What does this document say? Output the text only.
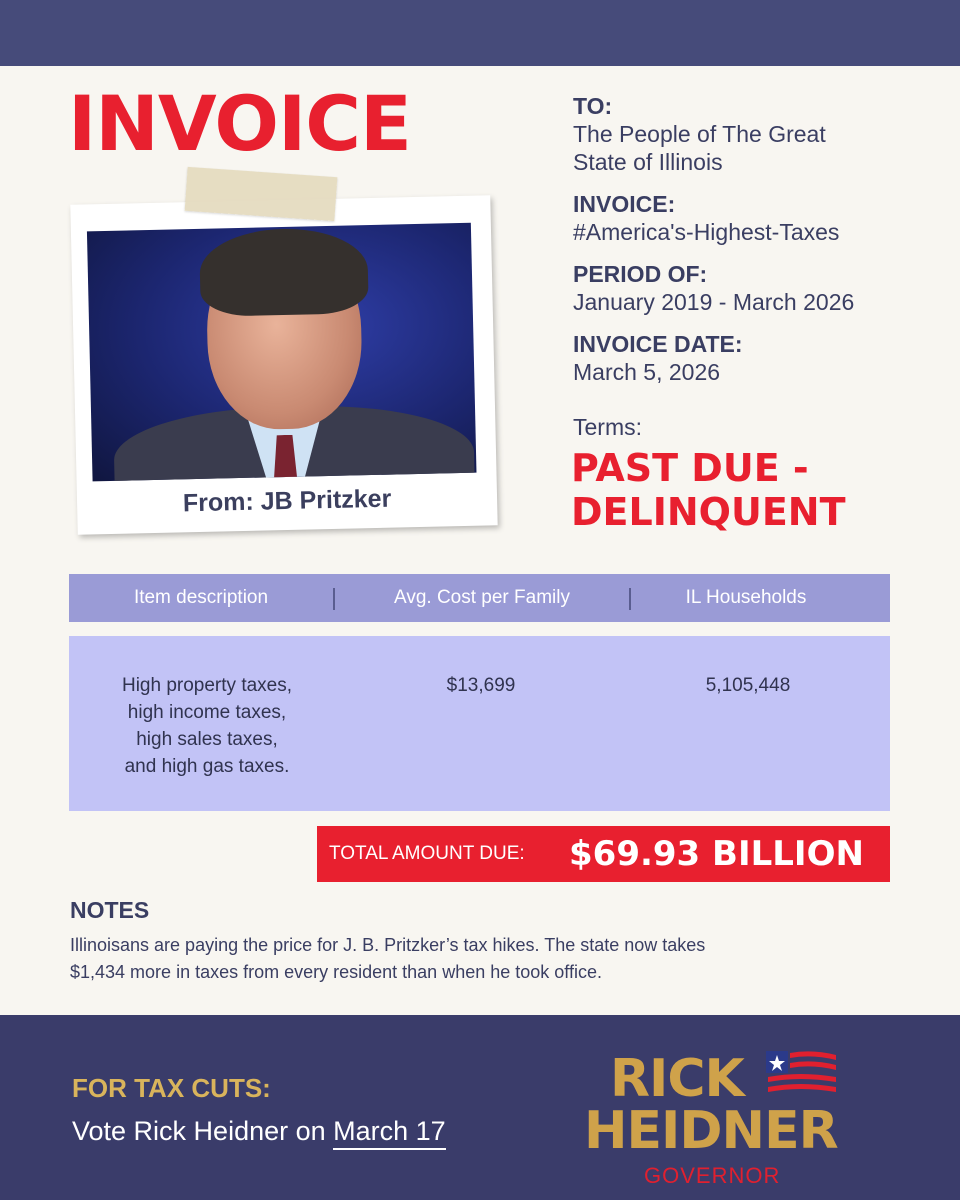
INVOICE
From: JB Pritzker
TO:
The People of The Great
State of Illinois
INVOICE:
#America's-Highest-Taxes
PERIOD OF:
January 2019 - March 2026
INVOICE DATE:
March 5, 2026
Terms:
PAST DUE -
DELINQUENT
Item description	Avg. Cost per Family	IL Households
High property taxes,
high income taxes,
high sales taxes,
and high gas taxes.
$13,699	5,105,448
TOTAL AMOUNT DUE: $69.93 BILLION
NOTES
Illinoisans are paying the price for J. B. Pritzker’s tax hikes. The state now takes
$1,434 more in taxes from every resident than when he took office.
FOR TAX CUTS:
Vote Rick Heidner on March 17
RICK
HEIDNER
GOVERNOR
